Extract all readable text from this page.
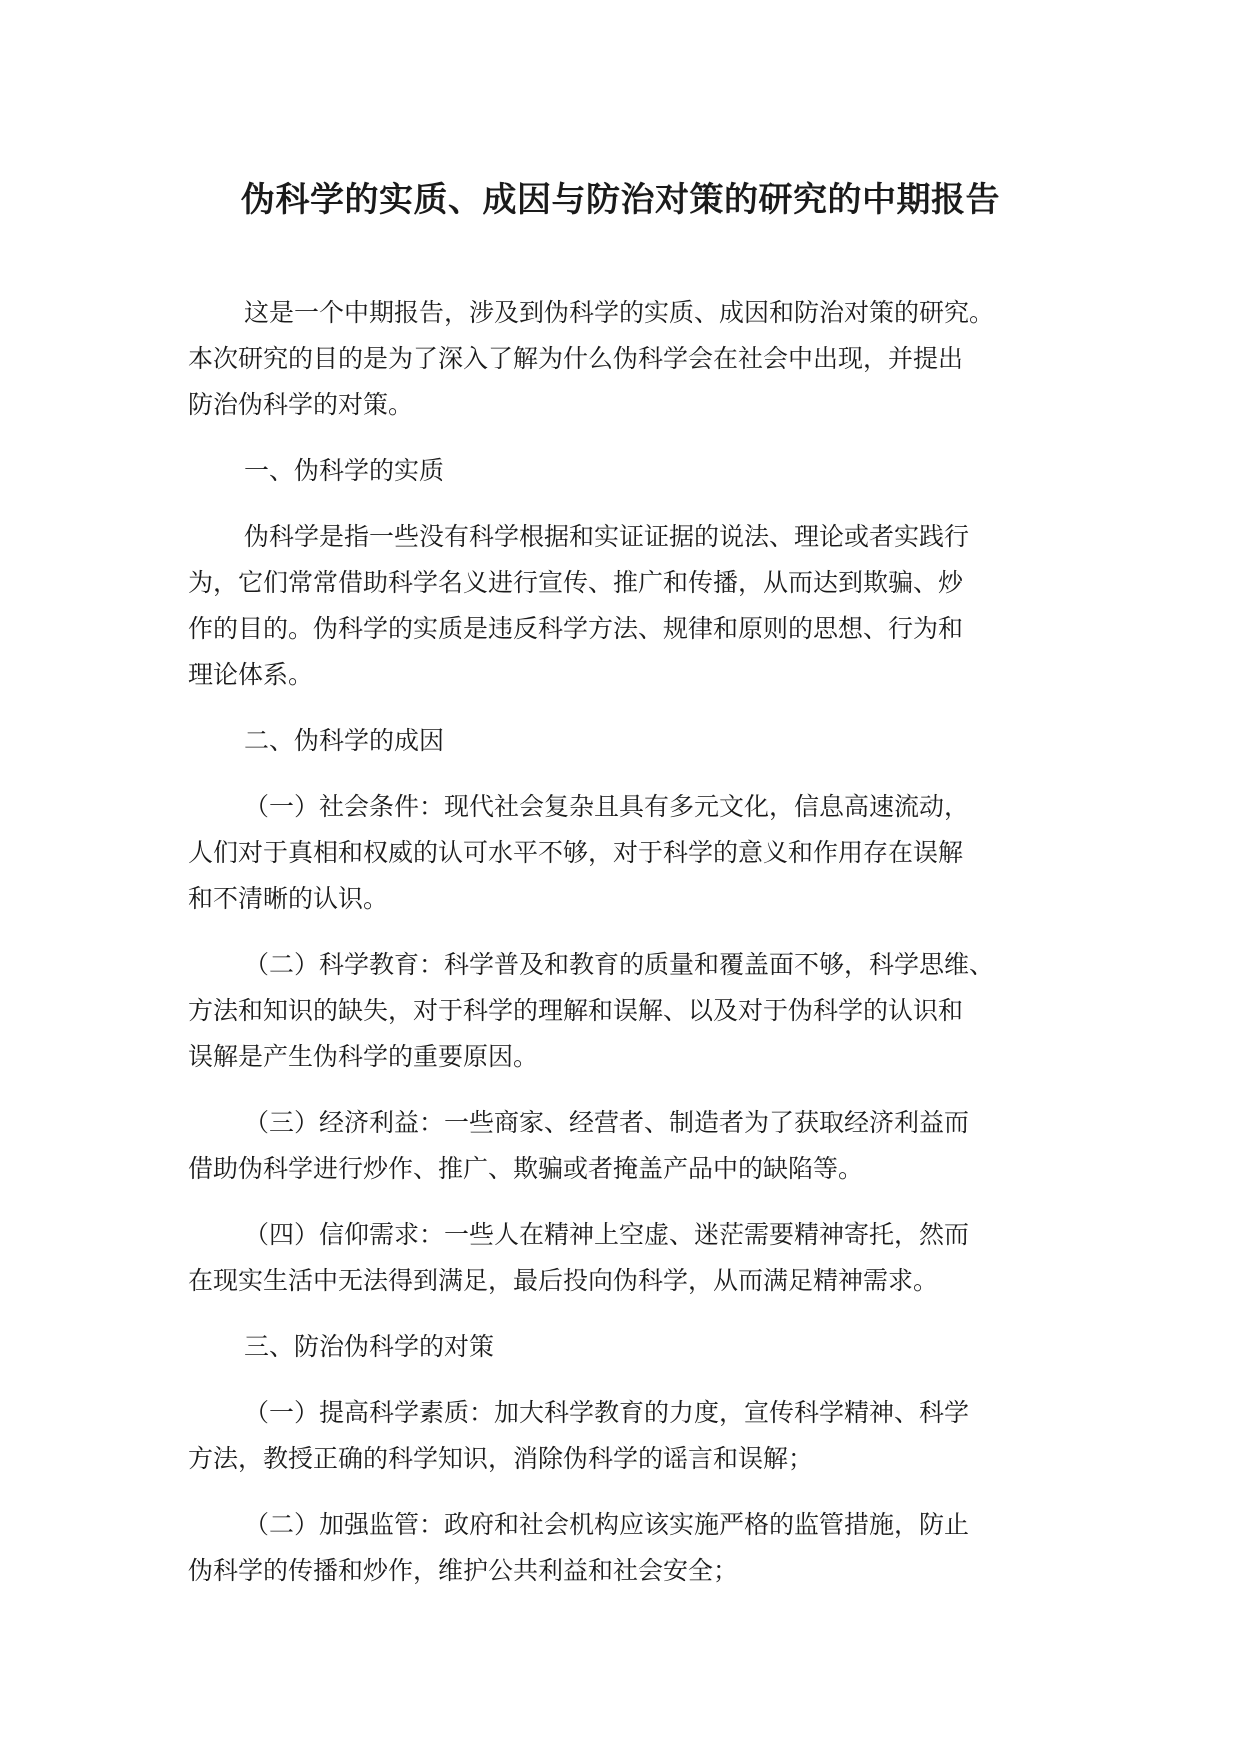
伪科学的实质、成因与防治对策的研究的中期报告
这是一个中期报告，涉及到伪科学的实质、成因和防治对策的研究。
本次研究的目的是为了深入了解为什么伪科学会在社会中出现，并提出
防治伪科学的对策。
一、伪科学的实质
伪科学是指一些没有科学根据和实证证据的说法、理论或者实践行
为，它们常常借助科学名义进行宣传、推广和传播，从而达到欺骗、炒
作的目的。伪科学的实质是违反科学方法、规律和原则的思想、行为和
理论体系。
二、伪科学的成因
（一）社会条件：现代社会复杂且具有多元文化，信息高速流动，
人们对于真相和权威的认可水平不够，对于科学的意义和作用存在误解
和不清晰的认识。
（二）科学教育：科学普及和教育的质量和覆盖面不够，科学思维、
方法和知识的缺失，对于科学的理解和误解、以及对于伪科学的认识和
误解是产生伪科学的重要原因。
（三）经济利益：一些商家、经营者、制造者为了获取经济利益而
借助伪科学进行炒作、推广、欺骗或者掩盖产品中的缺陷等。
（四）信仰需求：一些人在精神上空虚、迷茫需要精神寄托，然而
在现实生活中无法得到满足，最后投向伪科学，从而满足精神需求。
三、防治伪科学的对策
（一）提高科学素质：加大科学教育的力度，宣传科学精神、科学
方法，教授正确的科学知识，消除伪科学的谣言和误解；
（二）加强监管：政府和社会机构应该实施严格的监管措施，防止
伪科学的传播和炒作，维护公共利益和社会安全；
